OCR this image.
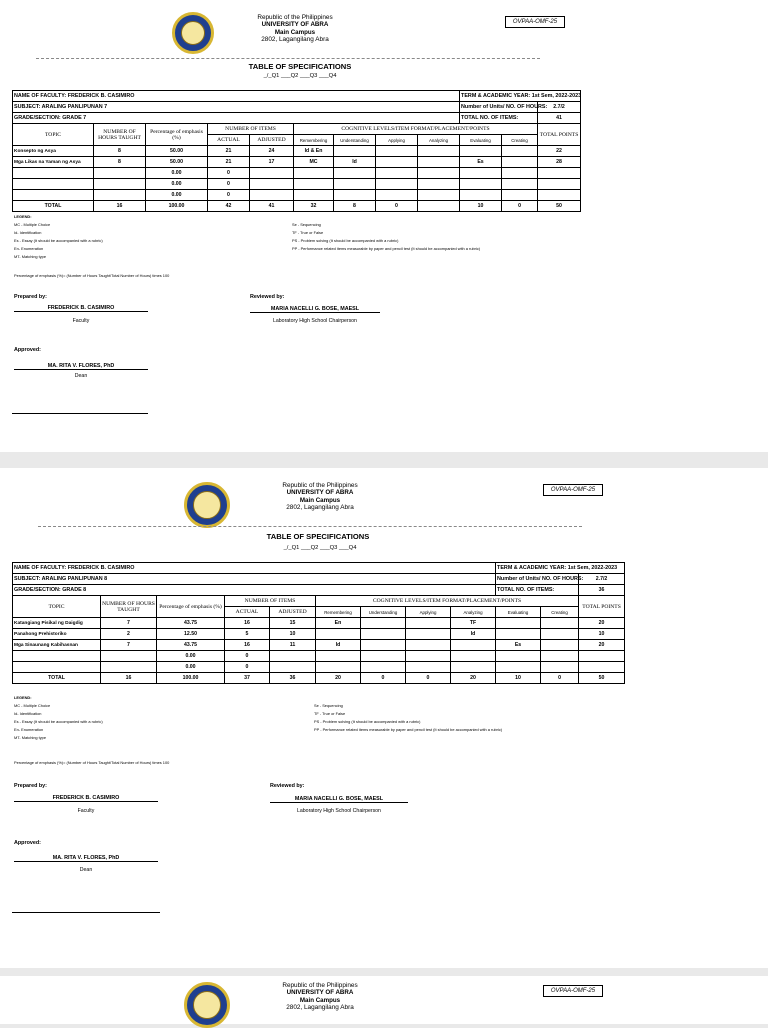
Republic of the Philippines
UNIVERSITY OF ABRA
Main Campus
2802, Lagangilang Abra
OVPAA-OMF-25
TABLE OF SPECIFICATIONS
_/_Q1 ___Q2 ___Q3 ___Q4
NAME OF FACULTY: FREDERICK B. CASIMIRO									TERM & ACADEMIC YEAR: 1st Sem, 2022-2023		
SUBJECT: ARALING PANLIPUNAN 7									Number of Units/ NO. OF HOURS:		2.7/2
GRADE/SECTION: GRADE 7									TOTAL NO. OF ITEMS:		41
TOPIC	NUMBER OF HOURS TAUGHT	Percentage of emphasis (%)	NUMBER OF ITEMS		COGNITIVE LEVELS/ITEM FORMAT/PLACEMENT/POINTS						TOTAL POINTS
			ACTUAL	ADJUSTED	Remembering	Understanding	Applying	Analyzing	Evaluating	Creating	
Konsepto ng Asya	8	50.00	21	24	Id & En						22
Mga Likas na Yaman ng Asya	8	50.00	21	17	MC	Id			Es		28
		0.00	0								
		0.00	0								
		0.00	0								
TOTAL	16	100.00	42	41	32	8	0		10	0	50
LEGEND:
MC - Multiple Choice
Id- Identification
Es - Essay (It should be accompanied with a rubric)
En- Enumeration
MT- Matching type
Se - Sequencing
TF - True or False
PS - Problem solving (It should be accompanied with a rubric)
PP - Performance related items measurable by paper and pencil test (It should be accompanied with a rubric)
Percentage of emphasis (%)= (Number of Hours Taught/Total Number of Hours) times 100
Prepared by:
FREDERICK B. CASIMIRO
Faculty
Reviewed by:
MARIA NACELLI G. BOSE, MAESL
Laboratory High School Chairperson
Approved:
MA. RITA V. FLORES, PhD
Dean
Republic of the Philippines
UNIVERSITY OF ABRA
Main Campus
2802, Lagangilang Abra
OVPAA-OMF-25
TABLE OF SPECIFICATIONS
_/_Q1 ___Q2 ___Q3 ___Q4
NAME OF FACULTY: FREDERICK B. CASIMIRO									TERM & ACADEMIC YEAR: 1st Sem, 2022-2023		
SUBJECT: ARALING PANLIPUNAN 8									Number of Units/ NO. OF HOURS:		2.7/2
GRADE/SECTION: GRADE 8									TOTAL NO. OF ITEMS:		36
TOPIC	NUMBER OF HOURS TAUGHT	Percentage of emphasis (%)	NUMBER OF ITEMS		COGNITIVE LEVELS/ITEM FORMAT/PLACEMENT/POINTS						TOTAL POINTS
			ACTUAL	ADJUSTED	Remembering	Understanding	Applying	Analyzing	Evaluating	Creating	
Katangiang Pisikal ng Daigdig	7	43.75	16	15	En			TF			20
Panahong Prehistoriko	2	12.50	5	10				Id			10
Mga Sinaunang Kabihasnan	7	43.75	16	11	Id				Es		20
		0.00	0								
		0.00	0								
TOTAL	16	100.00	37	36	20	0	0	20	10	0	50
LEGEND:
MC - Multiple Choice
Id- Identification
Es - Essay (It should be accompanied with a rubric)
En- Enumeration
MT- Matching type
Se - Sequencing
TF - True or False
PS - Problem solving (It should be accompanied with a rubric)
PP - Performance related items measurable by paper and pencil test (It should be accompanied with a rubric)
Percentage of emphasis (%)= (Number of Hours Taught/Total Number of Hours) times 100
Prepared by:
FREDERICK B. CASIMIRO
Faculty
Reviewed by:
MARIA NACELLI G. BOSE, MAESL
Laboratory High School Chairperson
Approved:
MA. RITA V. FLORES, PhD
Dean
Republic of the Philippines
UNIVERSITY OF ABRA
Main Campus
2802, Lagangilang Abra
OVPAA-OMF-25
